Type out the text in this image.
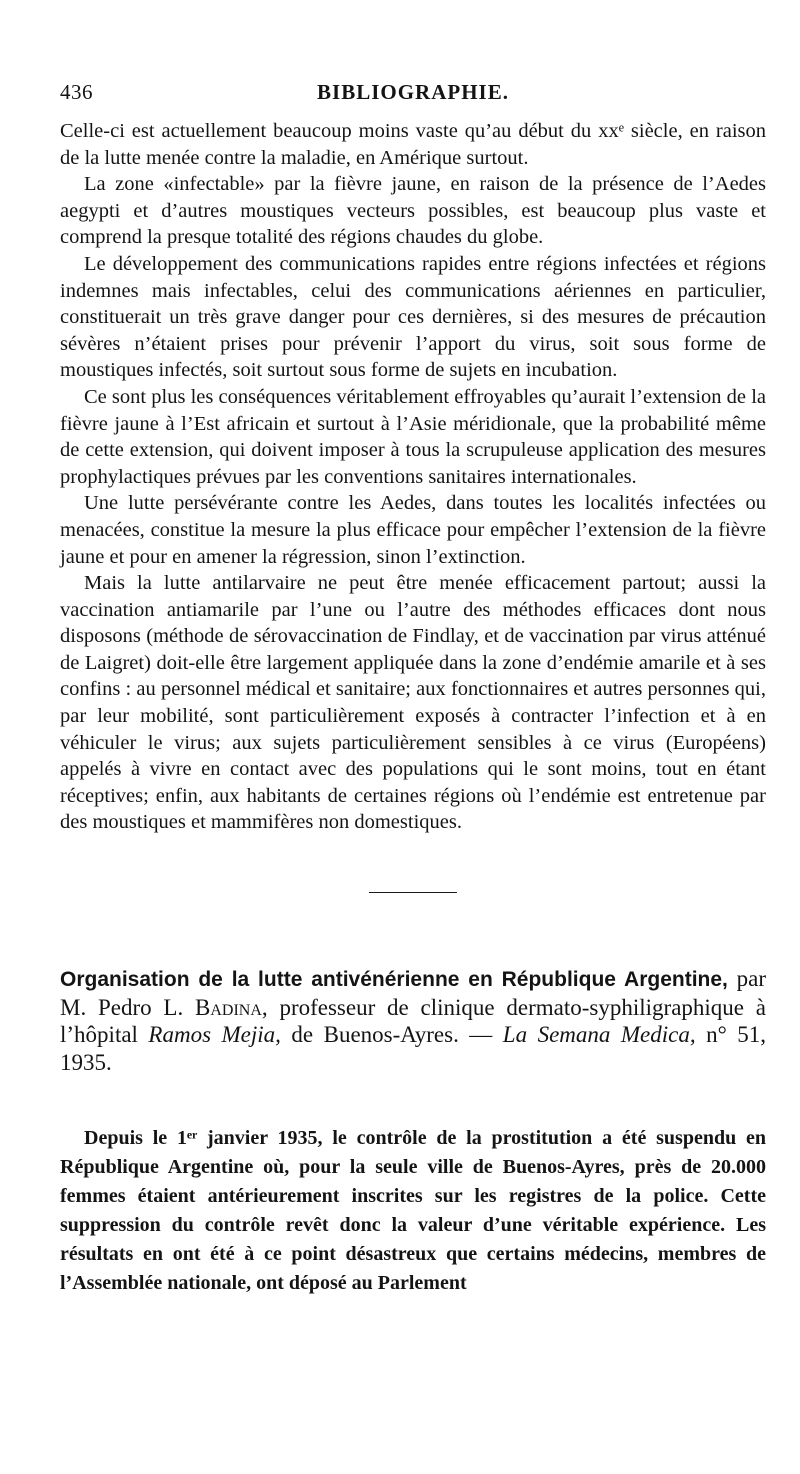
436	BIBLIOGRAPHIE.

Celle-ci est actuellement beaucoup moins vaste qu’au début du xxᵉ siècle, en raison de la lutte menée contre la maladie, en Amérique surtout.

La zone «infectable» par la fièvre jaune, en raison de la présence de l’Aedes aegypti et d’autres moustiques vecteurs possibles, est beaucoup plus vaste et comprend la presque totalité des régions chaudes du globe.

Le développement des communications rapides entre régions infectées et régions indemnes mais infectables, celui des communications aériennes en particulier, constituerait un très grave danger pour ces dernières, si des mesures de précaution sévères n’étaient prises pour prévenir l’apport du virus, soit sous forme de moustiques infectés, soit surtout sous forme de sujets en incubation.

Ce sont plus les conséquences véritablement effroyables qu’aurait l’extension de la fièvre jaune à l’Est africain et surtout à l’Asie méridionale, que la probabilité même de cette extension, qui doivent imposer à tous la scrupuleuse application des mesures prophylactiques prévues par les conventions sanitaires internationales.

Une lutte persévérante contre les Aedes, dans toutes les localités infectées ou menacées, constitue la mesure la plus efficace pour empêcher l’extension de la fièvre jaune et pour en amener la régression, sinon l’extinction.

Mais la lutte antilarvaire ne peut être menée efficacement partout; aussi la vaccination antiamarile par l’une ou l’autre des méthodes efficaces dont nous disposons (méthode de sérovaccination de Findlay, et de vaccination par virus atténué de Laigret) doit-elle être largement appliquée dans la zone d’endémie amarile et à ses confins : au personnel médical et sanitaire; aux fonctionnaires et autres personnes qui, par leur mobilité, sont particulièrement exposés à contracter l’infection et à en véhiculer le virus; aux sujets particulièrement sensibles à ce virus (Européens) appelés à vivre en contact avec des populations qui le sont moins, tout en étant réceptives; enfin, aux habitants de certaines régions où l’endémie est entretenue par des moustiques et mammifères non domestiques.

Organisation de la lutte antivénérienne en République Argentine, par M. Pedro L. Badina, professeur de clinique dermato-syphiligraphique à l’hôpital Ramos Mejia, de Buenos-Ayres. — La Semana Medica, n° 51, 1935.

Depuis le 1ᵉʳ janvier 1935, le contrôle de la prostitution a été suspendu en République Argentine où, pour la seule ville de Buenos-Ayres, près de 20.000 femmes étaient antérieurement inscrites sur les registres de la police. Cette suppression du contrôle revêt donc la valeur d’une véritable expérience. Les résultats en ont été à ce point désastreux que certains médecins, membres de l’Assemblée nationale, ont déposé au Parlement
